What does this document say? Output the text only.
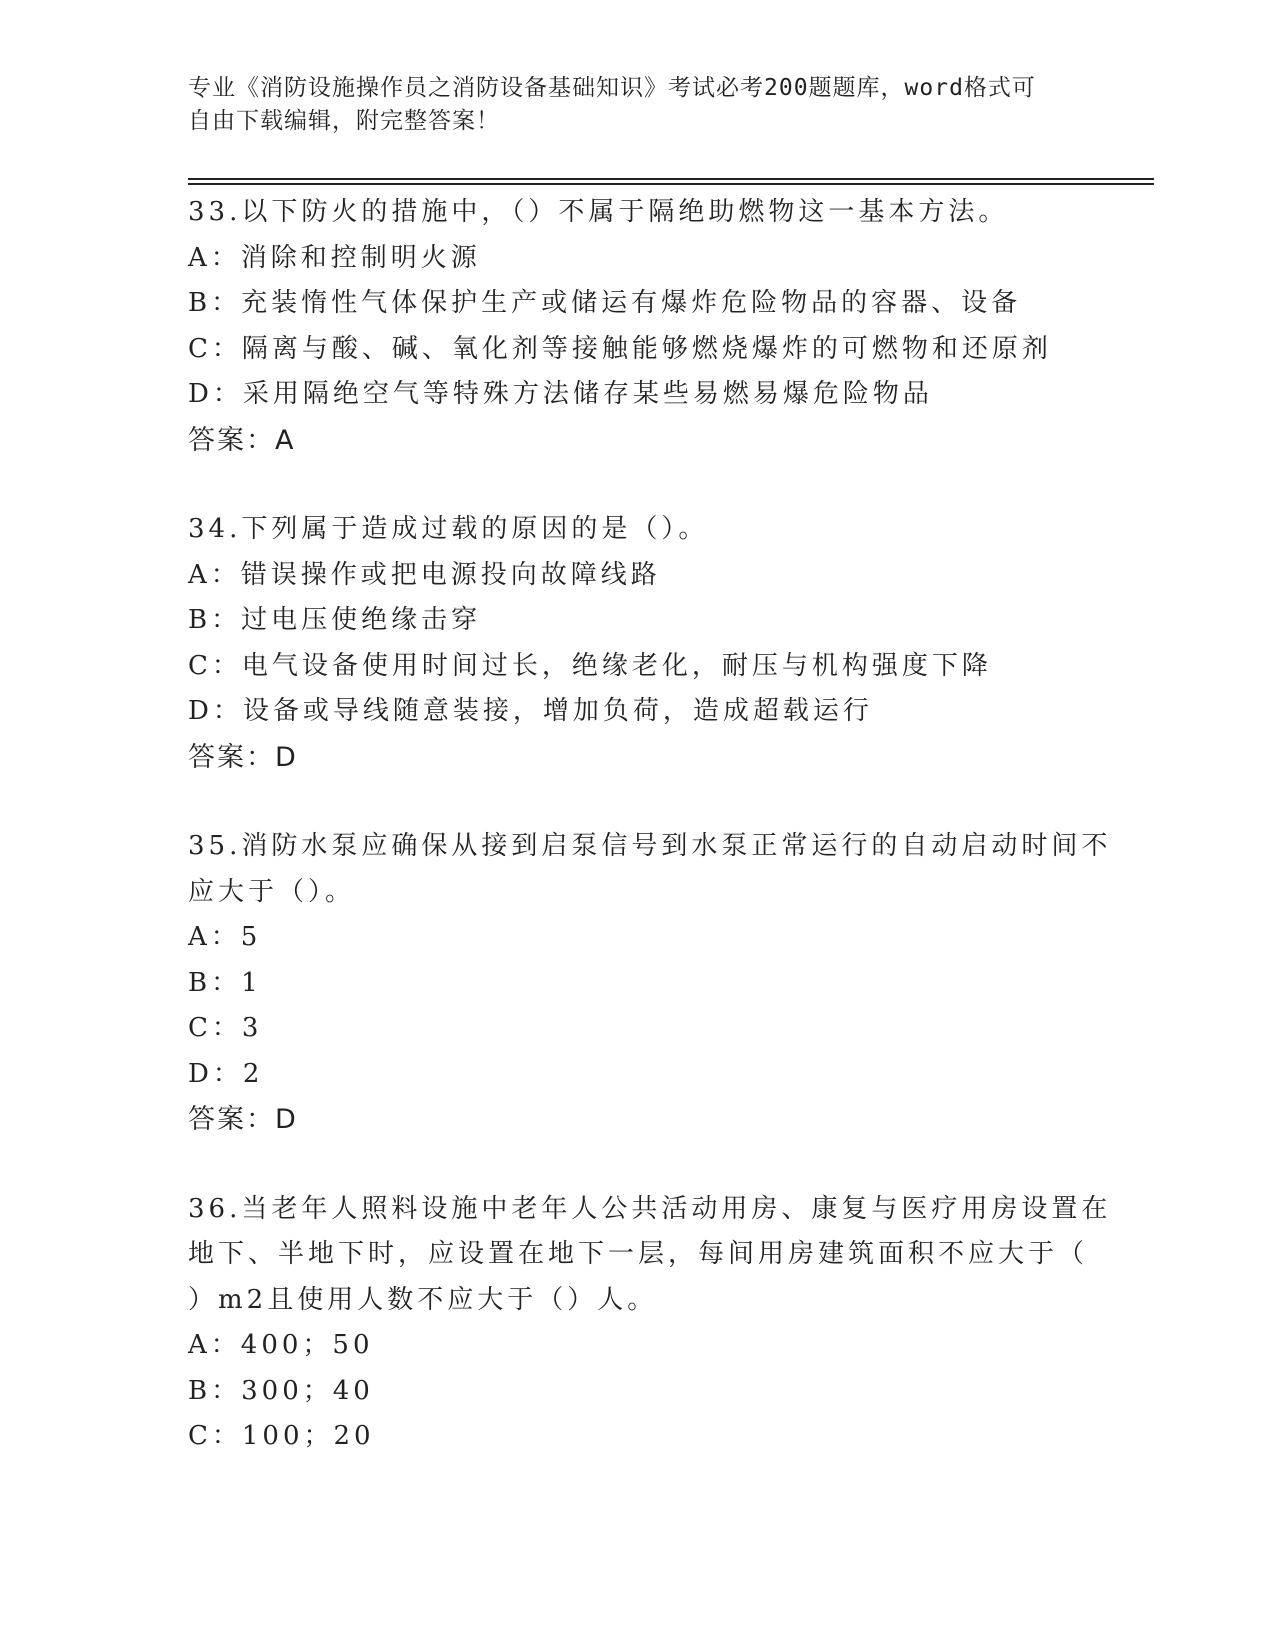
专业《消防设施操作员之消防设备基础知识》考试必考200题题库，word格式可
自由下载编辑，附完整答案！
33.以下防火的措施中，（）不属于隔绝助燃物这一基本方法。
A：消除和控制明火源
B：充装惰性气体保护生产或储运有爆炸危险物品的容器、设备
C：隔离与酸、碱、氧化剂等接触能够燃烧爆炸的可燃物和还原剂
D：采用隔绝空气等特殊方法储存某些易燃易爆危险物品
答案：A
34.下列属于造成过载的原因的是（）。
A：错误操作或把电源投向故障线路
B：过电压使绝缘击穿
C：电气设备使用时间过长，绝缘老化，耐压与机构强度下降
D：设备或导线随意装接，增加负荷，造成超载运行
答案：D
35.消防水泵应确保从接到启泵信号到水泵正常运行的自动启动时间不
应大于（）。
A：5
B：1
C：3
D：2
答案：D
36.当老年人照料设施中老年人公共活动用房、康复与医疗用房设置在
地下、半地下时，应设置在地下一层，每间用房建筑面积不应大于（
）m2且使用人数不应大于（）人。
A：400；50
B：300；40
C：100；20
